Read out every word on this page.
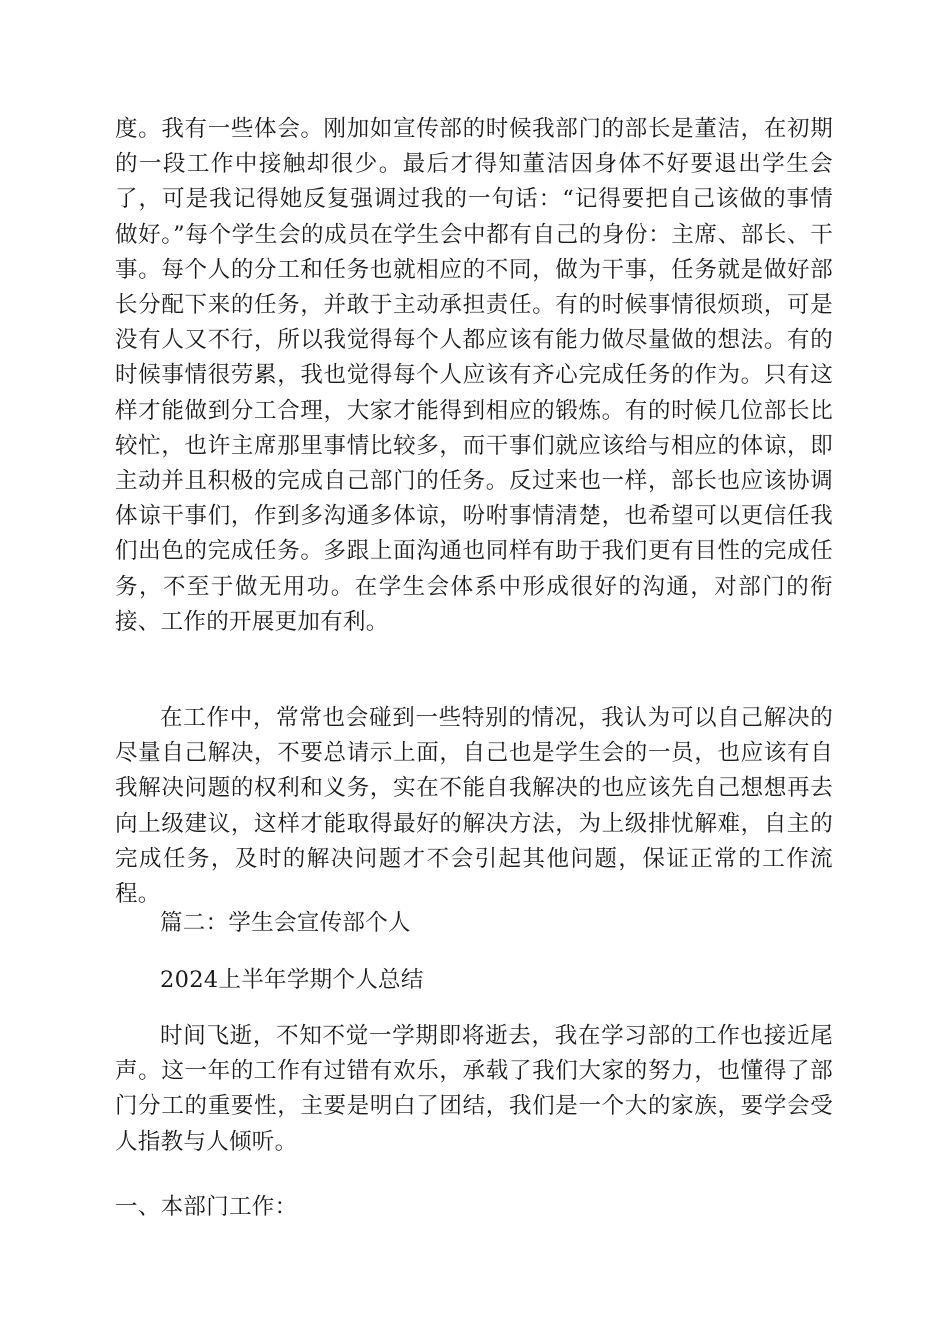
度。我有一些体会。刚加如宣传部的时候我部门的部长是董洁，在初期的一段工作中接触却很少。最后才得知董洁因身体不好要退出学生会了，可是我记得她反复强调过我的一句话：“记得要把自己该做的事情做好。”每个学生会的成员在学生会中都有自己的身份：主席、部长、干事。每个人的分工和任务也就相应的不同，做为干事，任务就是做好部长分配下来的任务，并敢于主动承担责任。有的时候事情很烦琐，可是没有人又不行，所以我觉得每个人都应该有能力做尽量做的想法。有的时候事情很劳累，我也觉得每个人应该有齐心完成任务的作为。只有这样才能做到分工合理，大家才能得到相应的锻炼。有的时候几位部长比较忙，也许主席那里事情比较多，而干事们就应该给与相应的体谅，即主动并且积极的完成自己部门的任务。反过来也一样，部长也应该协调体谅干事们，作到多沟通多体谅，吩咐事情清楚，也希望可以更信任我们出色的完成任务。多跟上面沟通也同样有助于我们更有目性的完成任务，不至于做无用功。在学生会体系中形成很好的沟通，对部门的衔接、工作的开展更加有利。

在工作中，常常也会碰到一些特别的情况，我认为可以自己解决的尽量自己解决，不要总请示上面，自己也是学生会的一员，也应该有自我解决问题的权利和义务，实在不能自我解决的也应该先自己想想再去向上级建议，这样才能取得最好的解决方法，为上级排忧解难，自主的完成任务，及时的解决问题才不会引起其他问题，保证正常的工作流程。

篇二：学生会宣传部个人

2024上半年学期个人总结

时间飞逝，不知不觉一学期即将逝去，我在学习部的工作也接近尾声。这一年的工作有过错有欢乐，承载了我们大家的努力，也懂得了部门分工的重要性，主要是明白了团结，我们是一个大的家族，要学会受人指教与人倾听。

一、本部门工作：
